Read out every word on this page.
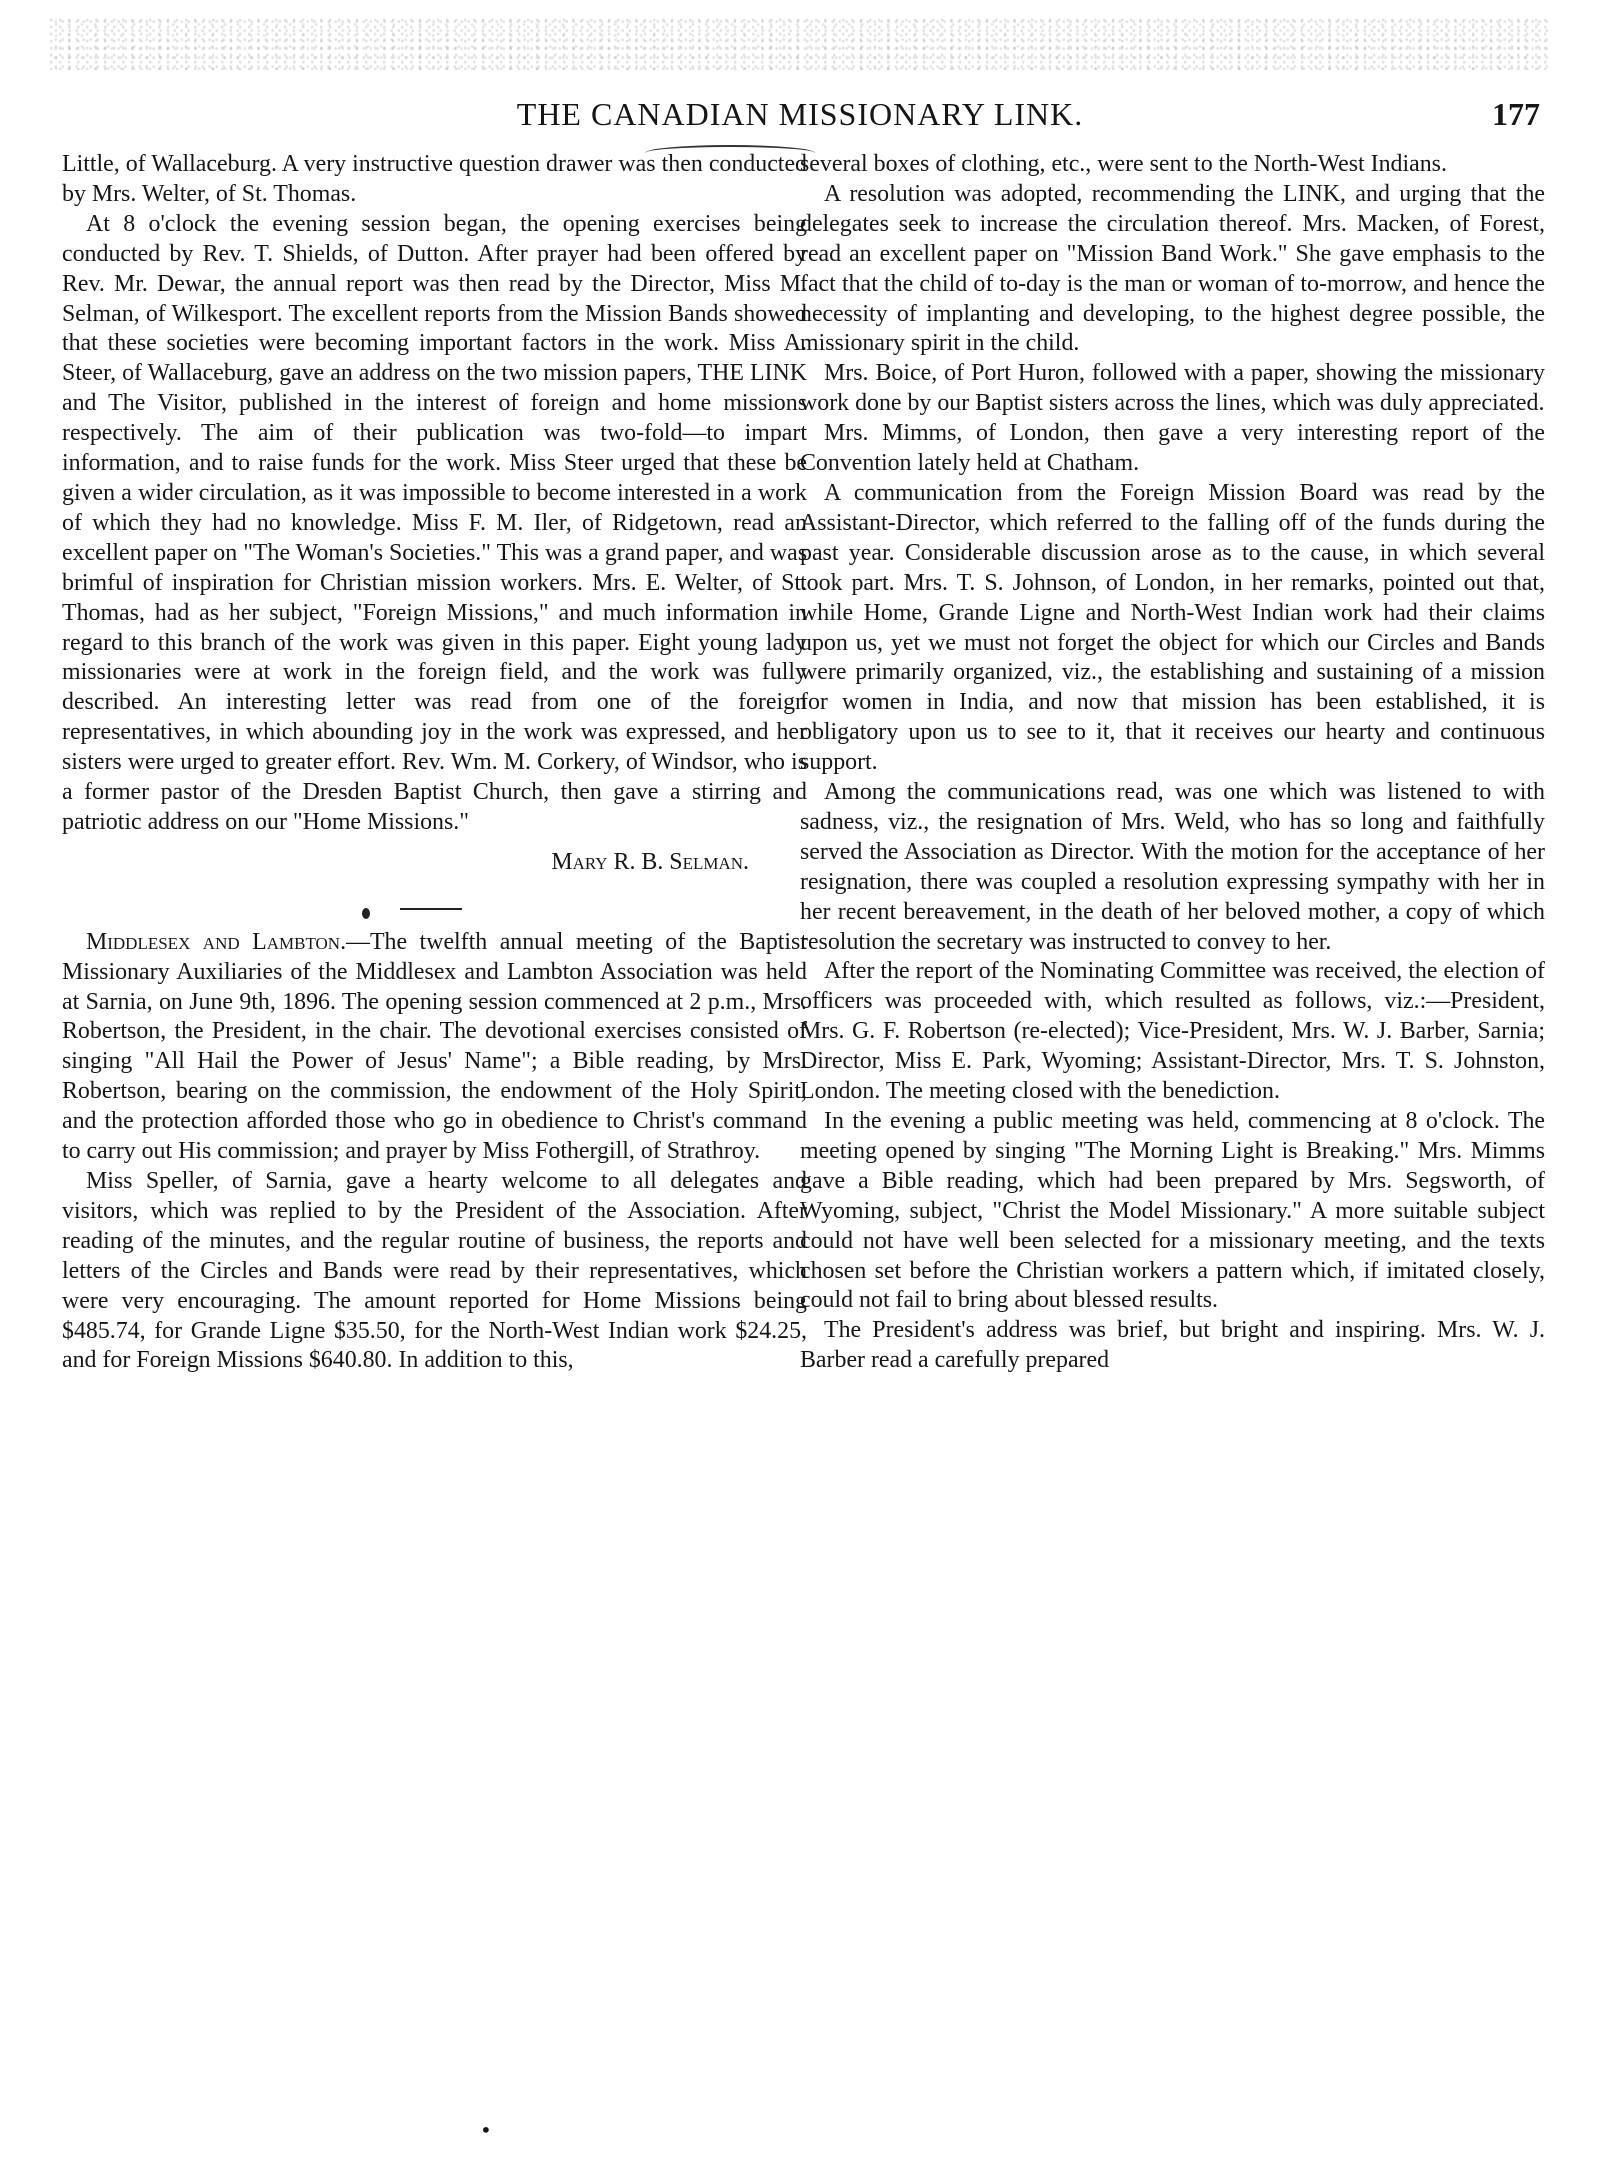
THE CANADIAN MISSIONARY LINK.	177

Little, of Wallaceburg. A very instructive question drawer was then conducted by Mrs. Welter, of St. Thomas.

At 8 o'clock the evening session began, the opening exercises being conducted by Rev. T. Shields, of Dutton. After prayer had been offered by Rev. Mr. Dewar, the annual report was then read by the Director, Miss M. Selman, of Wilkesport. The excellent reports from the Mission Bands showed that these societies were becoming important factors in the work. Miss A. Steer, of Wallaceburg, gave an address on the two mission papers, THE LINK and The Visitor, published in the interest of foreign and home missions respectively. The aim of their publication was two-fold—to impart information, and to raise funds for the work. Miss Steer urged that these be given a wider circulation, as it was impossible to become interested in a work of which they had no knowledge. Miss F. M. Iler, of Ridgetown, read an excellent paper on "The Woman's Societies." This was a grand paper, and was brimful of inspiration for Christian mission workers. Mrs. E. Welter, of St. Thomas, had as her subject, "Foreign Missions," and much information in regard to this branch of the work was given in this paper. Eight young lady missionaries were at work in the foreign field, and the work was fully described. An interesting letter was read from one of the foreign representatives, in which abounding joy in the work was expressed, and her sisters were urged to greater effort. Rev. Wm. M. Corkery, of Windsor, who is a former pastor of the Dresden Baptist Church, then gave a stirring and patriotic address on our "Home Missions."

Mary R. B. Selman.

Middlesex and Lambton.—The twelfth annual meeting of the Baptist Missionary Auxiliaries of the Middlesex and Lambton Association was held at Sarnia, on June 9th, 1896. The opening session commenced at 2 p.m., Mrs. Robertson, the President, in the chair. The devotional exercises consisted of singing "All Hail the Power of Jesus' Name"; a Bible reading, by Mrs. Robertson, bearing on the commission, the endowment of the Holy Spirit, and the protection afforded those who go in obedience to Christ's command to carry out His commission; and prayer by Miss Fothergill, of Strathroy.

Miss Speller, of Sarnia, gave a hearty welcome to all delegates and visitors, which was replied to by the President of the Association. After reading of the minutes, and the regular routine of business, the reports and letters of the Circles and Bands were read by their representatives, which were very encouraging. The amount reported for Home Missions being $485.74, for Grande Ligne $35.50, for the North-West Indian work $24.25, and for Foreign Missions $640.80. In addition to this,

several boxes of clothing, etc., were sent to the North-West Indians.

A resolution was adopted, recommending the LINK, and urging that the delegates seek to increase the circulation thereof. Mrs. Macken, of Forest, read an excellent paper on "Mission Band Work." She gave emphasis to the fact that the child of to-day is the man or woman of to-morrow, and hence the necessity of implanting and developing, to the highest degree possible, the missionary spirit in the child.

Mrs. Boice, of Port Huron, followed with a paper, showing the missionary work done by our Baptist sisters across the lines, which was duly appreciated.

Mrs. Mimms, of London, then gave a very interesting report of the Convention lately held at Chatham.

A communication from the Foreign Mission Board was read by the Assistant-Director, which referred to the falling off of the funds during the past year. Considerable discussion arose as to the cause, in which several took part. Mrs. T. S. Johnson, of London, in her remarks, pointed out that, while Home, Grande Ligne and North-West Indian work had their claims upon us, yet we must not forget the object for which our Circles and Bands were primarily organized, viz., the establishing and sustaining of a mission for women in India, and now that mission has been established, it is obligatory upon us to see to it, that it receives our hearty and continuous support.

Among the communications read, was one which was listened to with sadness, viz., the resignation of Mrs. Weld, who has so long and faithfully served the Association as Director. With the motion for the acceptance of her resignation, there was coupled a resolution expressing sympathy with her in her recent bereavement, in the death of her beloved mother, a copy of which resolution the secretary was instructed to convey to her.

After the report of the Nominating Committee was received, the election of officers was proceeded with, which resulted as follows, viz.:—President, Mrs. G. F. Robertson (re-elected); Vice-President, Mrs. W. J. Barber, Sarnia; Director, Miss E. Park, Wyoming; Assistant-Director, Mrs. T. S. Johnston, London. The meeting closed with the benediction.

In the evening a public meeting was held, commencing at 8 o'clock. The meeting opened by singing "The Morning Light is Breaking." Mrs. Mimms gave a Bible reading, which had been prepared by Mrs. Segsworth, of Wyoming, subject, "Christ the Model Missionary." A more suitable subject could not have well been selected for a missionary meeting, and the texts chosen set before the Christian workers a pattern which, if imitated closely, could not fail to bring about blessed results.

The President's address was brief, but bright and inspiring. Mrs. W. J. Barber read a carefully prepared

•
